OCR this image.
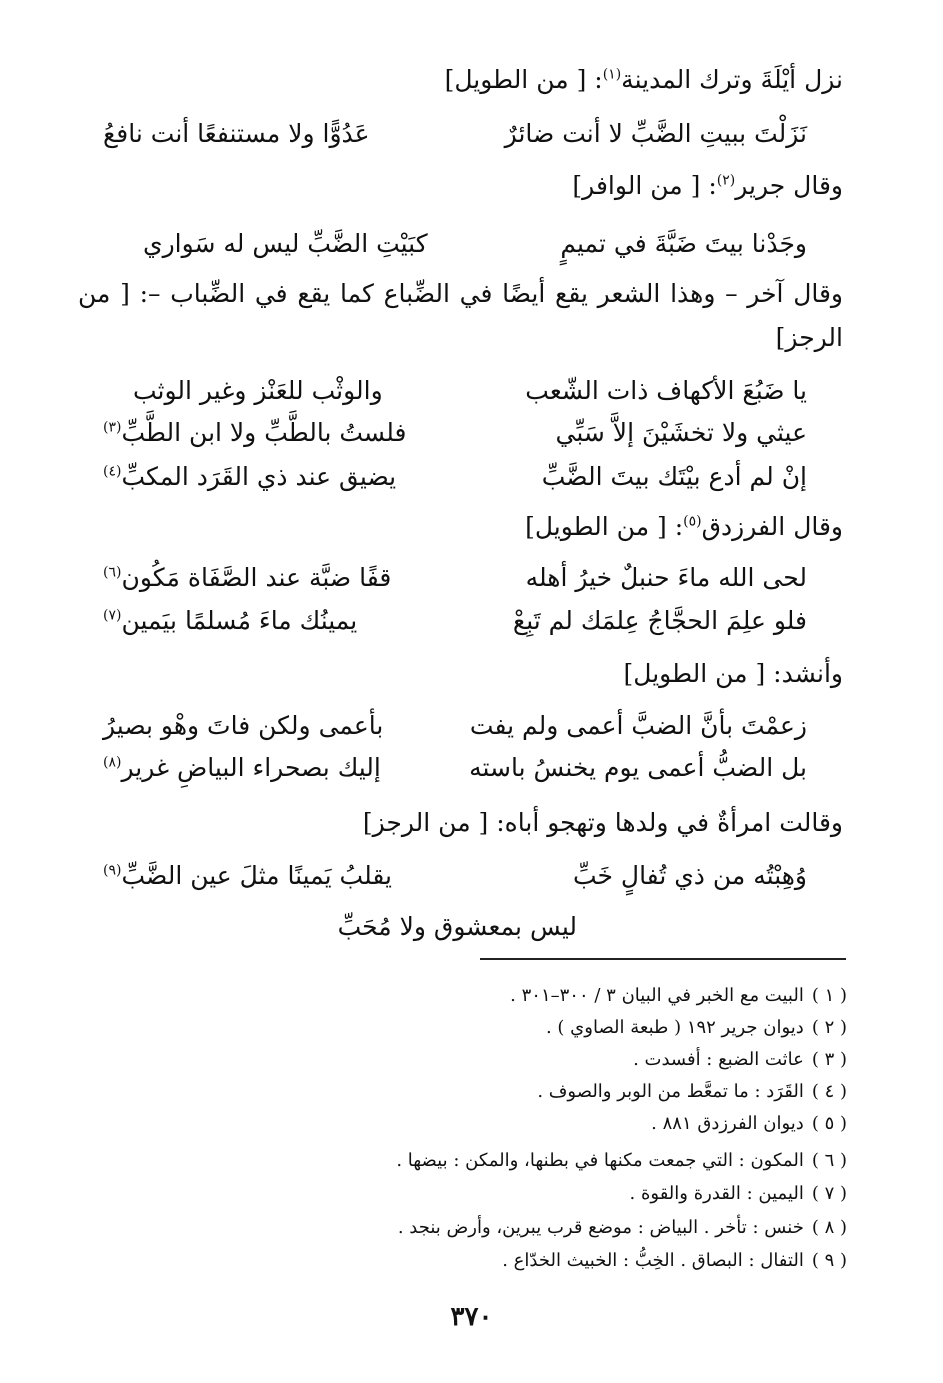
نزل أيْلَةَ وترك المدينة$^{(١)}$: [ من الطويل]
نَزَلْتَ ببيتِ الضَّبِّ لا أنت ضائرٌ
عَدُوًّا ولا مستنفعًا أنت نافعُ
وقال جرير$^{(٢)}$: [ من الوافر]
وجَدْنا بيتَ ضَبَّةَ في تميمٍ
كبَيْتِ الضَّبِّ ليس له سَواري
وقال آخر – وهذا الشعر يقع أيضًا في الضِّباع كما يقع في الضِّباب –: [ من الرجز]
يا ضَبُعَ الأكهاف ذات الشّعب
والوثْب للعَنْز وغير الوثب
عيثي ولا تخشَيْنَ إلاَّ سَبِّي
فلستُ بالطَّبِّ ولا ابن الطَّبِّ$^{(٣)}$
إنْ لم أدع بيْتَك بيتَ الضَّبِّ
يضيق عند ذي القَرَد المكبِّ$^{(٤)}$
وقال الفرزدق$^{(٥)}$: [ من الطويل]
لحى الله ماءَ حنبلٌ خيرُ أهله
قفًا ضبَّة عند الصَّفَاة مَكُون$^{(٦)}$
فلو علِمَ الحجَّاجُ عِلمَك لم تَبِعْ
يمينُك ماءَ مُسلمًا بيَمين$^{(٧)}$
وأنشد: [ من الطويل]
زعمْتَ بأنَّ الضبَّ أعمى ولم يفت
بأعمى ولكن فاتَ وهْو بصيرُ
بل الضبُّ أعمى يوم يخنسُ باسته
إليك بصحراء البياضِ غرير$^{(٨)}$
وقالت امرأةٌ في ولدها وتهجو أباه: [ من الرجز]
وُهِبْتُه من ذي تُفالٍ خَبِّ
يقلبُ يَمينًا مثلَ عين الضَّبِّ$^{(٩)}$
ليس بمعشوق ولا مُحَبِّ
( ١ )البيت مع الخبر في البيان ٣ / ٣٠٠–٣٠١ .
( ٢ )ديوان جرير ١٩٢ ( طبعة الصاوي ) .
( ٣ )عاثت الضبع : أفسدت .
( ٤ )القَرَد : ما تمعَّط من الوبر والصوف .
( ٥ )ديوان الفرزدق ٨٨١ .
( ٦ )المكون : التي جمعت مكنها في بطنها، والمكن : بيضها .
( ٧ )اليمين : القدرة والقوة .
( ٨ )خنس : تأخر . البياض : موضع قرب يبرين، وأرض بنجد .
( ٩ )التفال : البصاق . الخِبُّ : الخبيث الخدّاع .
٣٧٠
